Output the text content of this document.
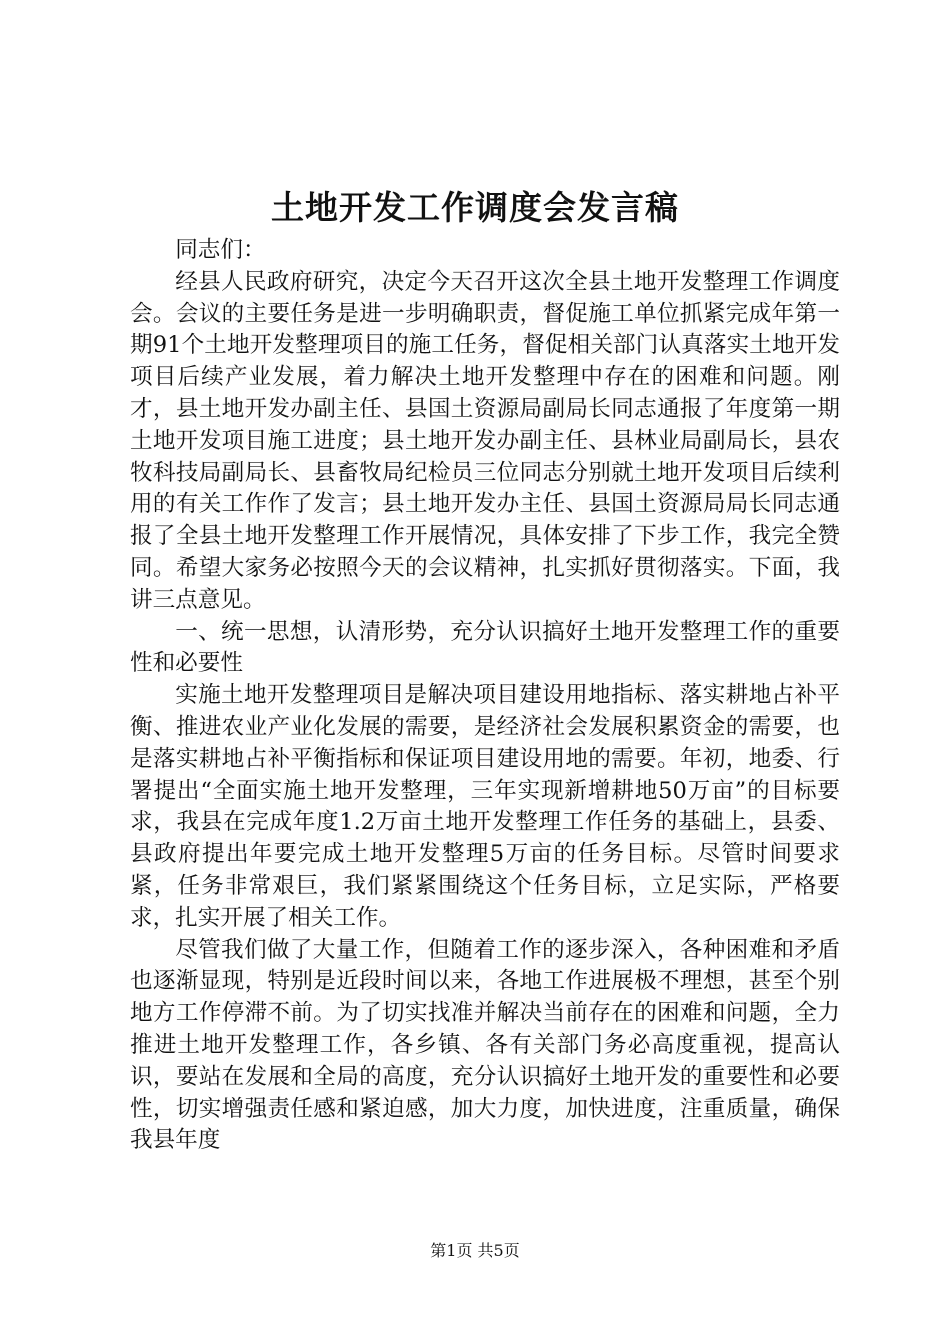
土地开发工作调度会发言稿

同志们：

经县人民政府研究，决定今天召开这次全县土地开发整理工作调度会。会议的主要任务是进一步明确职责，督促施工单位抓紧完成年第一期91个土地开发整理项目的施工任务，督促相关部门认真落实土地开发项目后续产业发展，着力解决土地开发整理中存在的困难和问题。刚才，县土地开发办副主任、县国土资源局副局长同志通报了年度第一期土地开发项目施工进度；县土地开发办副主任、县林业局副局长，县农牧科技局副局长、县畜牧局纪检员三位同志分别就土地开发项目后续利用的有关工作作了发言；县土地开发办主任、县国土资源局局长同志通报了全县土地开发整理工作开展情况，具体安排了下步工作，我完全赞同。希望大家务必按照今天的会议精神，扎实抓好贯彻落实。下面，我讲三点意见。

一、统一思想，认清形势，充分认识搞好土地开发整理工作的重要性和必要性

实施土地开发整理项目是解决项目建设用地指标、落实耕地占补平衡、推进农业产业化发展的需要，是经济社会发展积累资金的需要，也是落实耕地占补平衡指标和保证项目建设用地的需要。年初，地委、行署提出“全面实施土地开发整理，三年实现新增耕地50万亩”的目标要求，我县在完成年度1.2万亩土地开发整理工作任务的基础上，县委、县政府提出年要完成土地开发整理5万亩的任务目标。尽管时间要求紧，任务非常艰巨，我们紧紧围绕这个任务目标，立足实际，严格要求，扎实开展了相关工作。

尽管我们做了大量工作，但随着工作的逐步深入，各种困难和矛盾也逐渐显现，特别是近段时间以来，各地工作进展极不理想，甚至个别地方工作停滞不前。为了切实找准并解决当前存在的困难和问题，全力推进土地开发整理工作，各乡镇、各有关部门务必高度重视，提高认识，要站在发展和全局的高度，充分认识搞好土地开发的重要性和必要性，切实增强责任感和紧迫感，加大力度，加快进度，注重质量，确保我县年度

第1页 共5页
